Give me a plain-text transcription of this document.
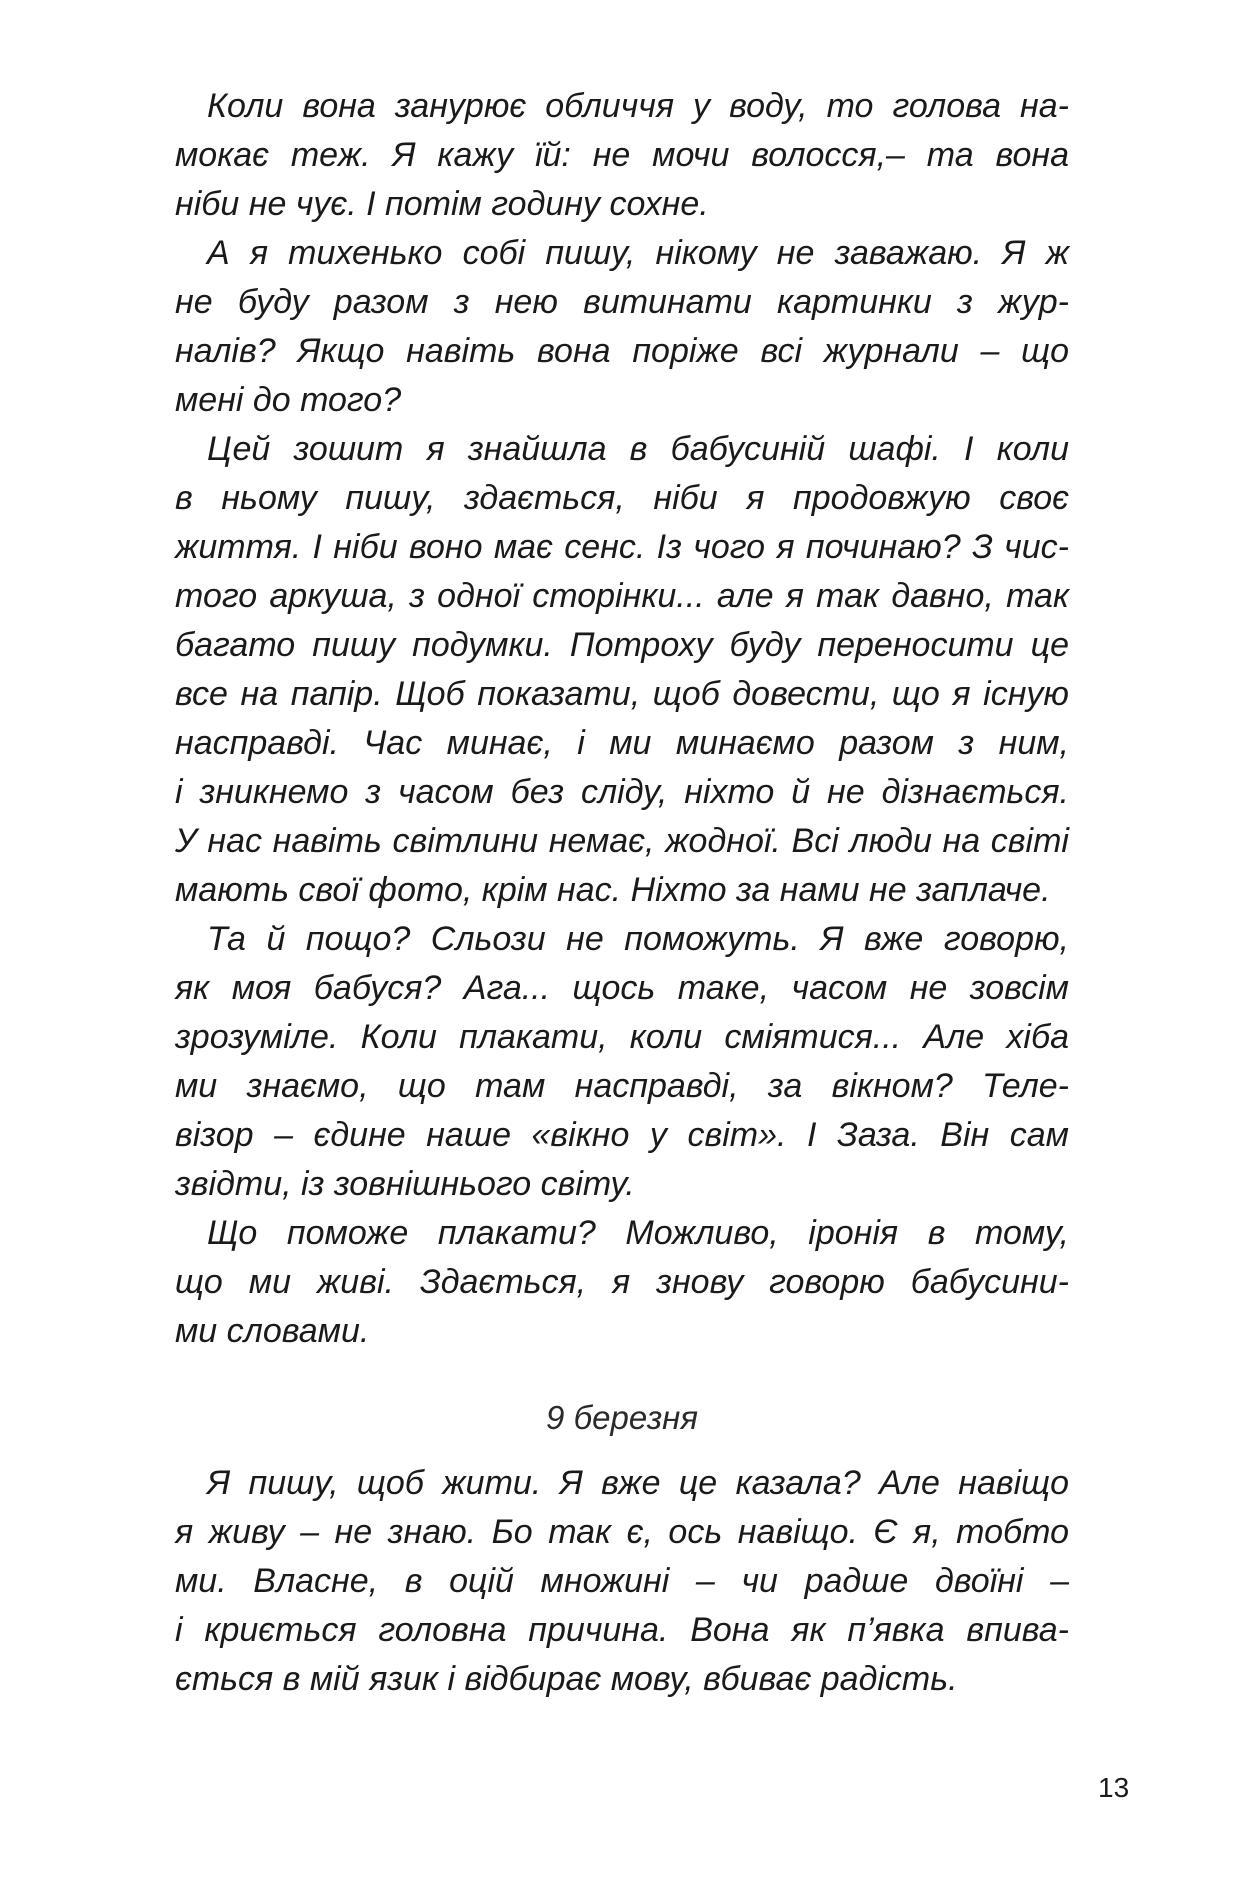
Коли вона занурює обличчя у воду, то голова на-
мокає теж. Я кажу їй: не мочи волосся,– та вона
ніби не чує. І потім годину сохне.
А я тихенько собі пишу, нікому не заважаю. Я ж
не буду разом з нею витинати картинки з жур-
налів? Якщо навіть вона поріже всі журнали – що
мені до того?
Цей зошит я знайшла в бабусиній шафі. І коли
в ньому пишу, здається, ніби я продовжую своє
життя. І ніби воно має сенс. Із чого я починаю? З чис-
того аркуша, з одної сторінки... але я так давно, так
багато пишу подумки. Потроху буду переносити це
все на папір. Щоб показати, щоб довести, що я існую
насправді. Час минає, і ми минаємо разом з ним,
і зникнемо з часом без сліду, ніхто й не дізнається.
У нас навіть світлини немає, жодної. Всі люди на світі
мають свої фото, крім нас. Ніхто за нами не заплаче.
Та й пощо? Сльози не поможуть. Я вже говорю,
як моя бабуся? Ага... щось таке, часом не зовсім
зрозуміле. Коли плакати, коли сміятися... Але хіба
ми знаємо, що там насправді, за вікном? Теле-
візор – єдине наше «вікно у світ». І Заза. Він сам
звідти, із зовнішнього світу.
Що поможе плакати? Можливо, іронія в тому,
що ми живі. Здається, я знову говорю бабусини-
ми словами.
9 березня
Я пишу, щоб жити. Я вже це казала? Але навіщо
я живу – не знаю. Бо так є, ось навіщо. Є я, тобто
ми. Власне, в оцій множині – чи радше двоїні –
і криється головна причина. Вона як п’явка впива-
ється в мій язик і відбирає мову, вбиває радість.
13
